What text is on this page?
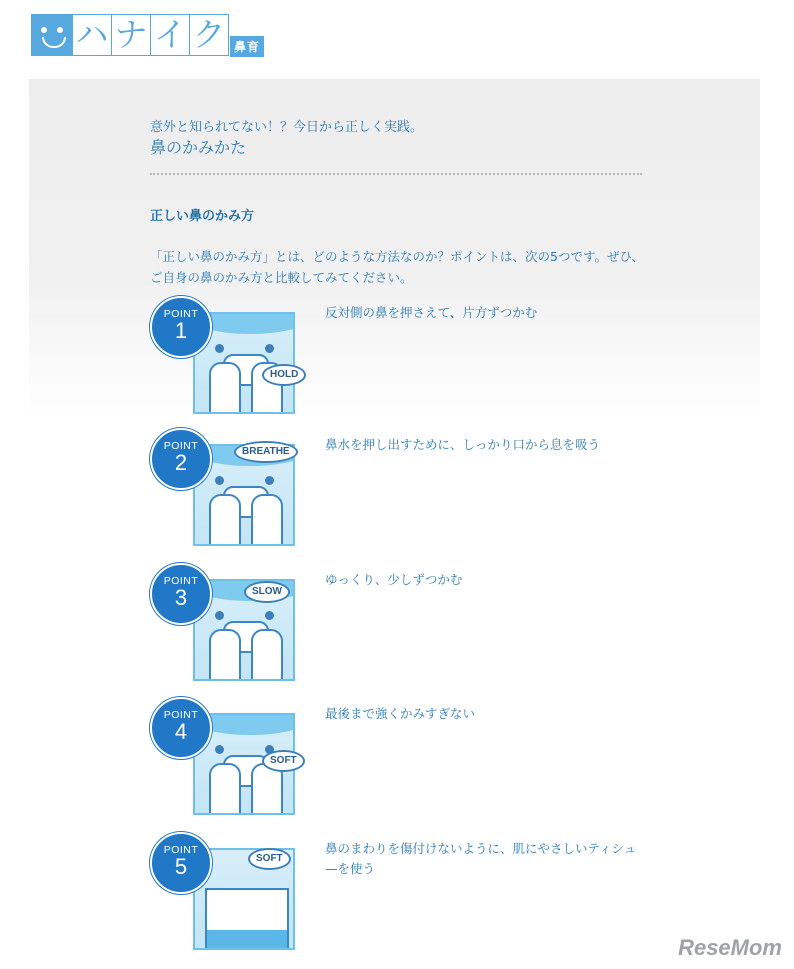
ハ ナ イ ク 鼻育
意外と知られてない！？今日から正しく実践。
鼻のかみかた
正しい鼻のかみ方
「正しい鼻のかみ方」とは、どのような方法なのか？ポイントは、次の5つです。ぜひ、ご自身の鼻のかみ方と比較してみてください。
POINT
1
HOLD
反対側の鼻を押さえて、片方ずつかむ
POINT
2	BREATHE	鼻水を押し出すために、しっかり口から息を吸う
POINT
3	SLOW
ゆっくり、少しずつかむ
POINT
4
SOFT
最後まで強くかみすぎない
POINT
5	SOFT
鼻のまわりを傷付けないように、肌にやさしいティシュ—を使う
ReseMom
